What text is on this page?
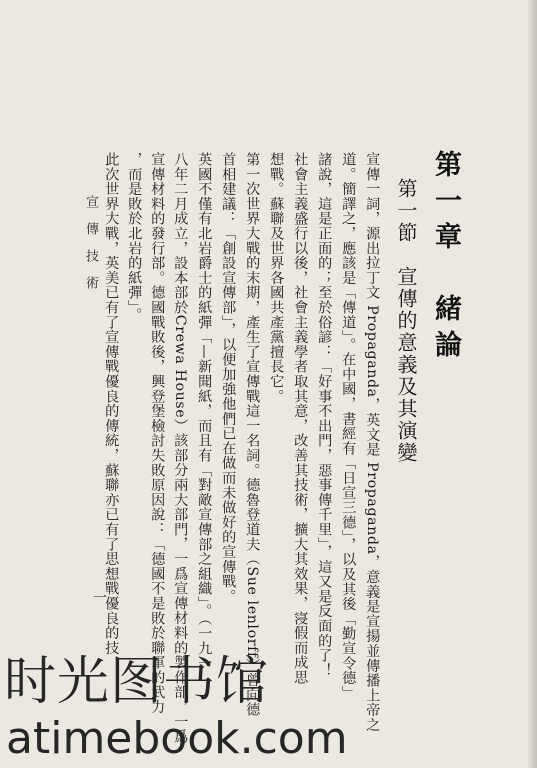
第一章　緒論
第一節　宣傳的意義及其演變
宣傳一詞，源出拉丁文 Propaganda，英文是 Propaganda，意義是宣揚並傳播上帝之
道。簡譯之，應該是「傳道」。在中國，書經有「日宣三德」，以及其後「勤宣令德」
諸說，這是正面的；至於俗諺：「好事不出門，惡事傳千里」，這又是反面的了！
社會主義盛行以後，社會主義學者取其意，改善其技術，擴大其效果，寖假而成思
想戰。蘇聯及世界各國共產黨擅長它。
第一次世界大戰的末期，產生了宣傳戰這一名詞。德魯登道夫（Sue lenlorff）曾向德
首相建議：「創設宣傳部」，以便加強他們已在做而未做好的宣傳戰。
英國不僅有北岩爵士的紙彈「—新聞紙，而且有「對敵宣傳部之組織」。（一九一
八年二月成立，設本部於Crewa House）該部分兩大部門，一爲宣傳材料的製作部，一爲
宣傳材料的發行部。德國戰敗後，興登堡檢討失敗原因說：「德國不是敗於聯軍的武力
，而是敗於北岩的紙彈」。
此次世界大戰，英美已有了宣傳戰優良的傳統，蘇聯亦已有了思想戰優良的技
宣傳技術
一
时光图书馆
atimebook.com
